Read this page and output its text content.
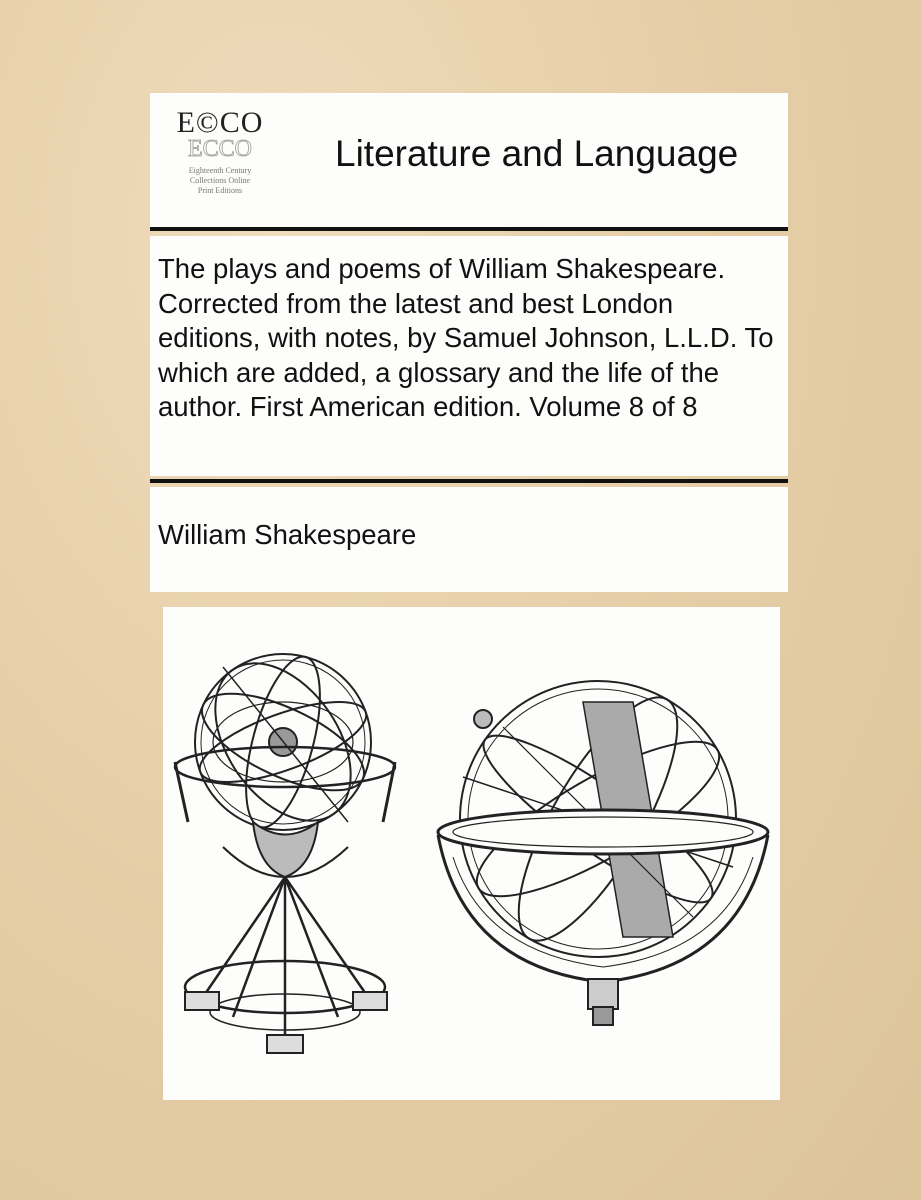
E©CO
ECCO
Eighteenth Century
Collections Online
Print Editions
Literature and Language
The plays and poems of William Shakespeare. Corrected from the latest and best London editions, with notes, by Samuel Johnson, L.L.D. To which are added, a glossary and the life of the author. First American edition. Volume 8 of 8
William Shakespeare
